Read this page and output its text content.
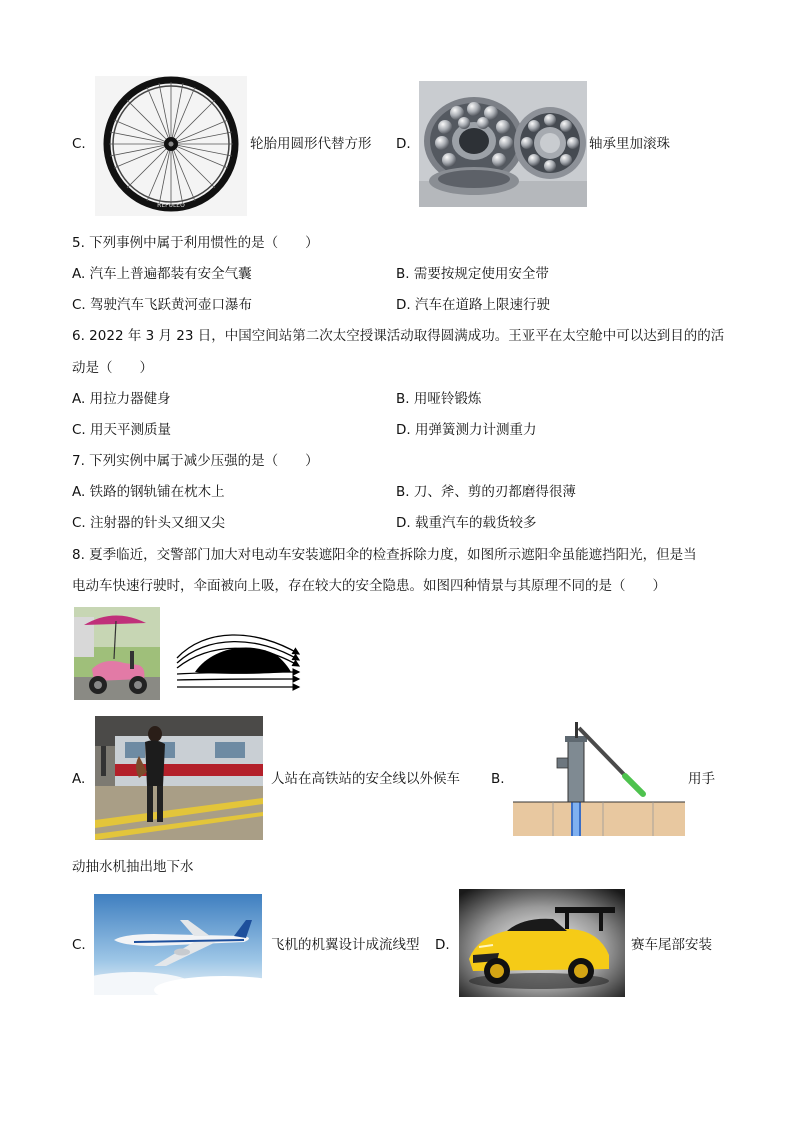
C.
REFULEO
轮胎用圆形代替方形 D.	轴承里加滚珠
5. 下列事例中属于利用惯性的是（　　）
A. 汽车上普遍都装有安全气囊	B. 需要按规定使用安全带
C. 驾驶汽车飞跃黄河壶口瀑布	D. 汽车在道路上限速行驶
6. 2022 年 3 月 23 日，中国空间站第二次太空授课活动取得圆满成功。王亚平在太空舱中可以达到目的的活
动是（　　）
A. 用拉力器健身	B. 用哑铃锻炼
C. 用天平测质量	D. 用弹簧测力计测重力
7. 下列实例中属于减少压强的是（　　）
A. 铁路的钢轨铺在枕木上	B. 刀、斧、剪的刃都磨得很薄
C. 注射器的针头又细又尖	D. 载重汽车的载货较多
8. 夏季临近，交警部门加大对电动车安装遮阳伞的检查拆除力度，如图所示遮阳伞虽能遮挡阳光，但是当
电动车快速行驶时，伞面被向上吸，存在较大的安全隐患。如图四种情景与其原理不同的是（　　）
A.	人站在高铁站的安全线以外候车 B.	用手
动抽水机抽出地下水
C.	飞机的机翼设计成流线型 D.	赛车尾部安装
